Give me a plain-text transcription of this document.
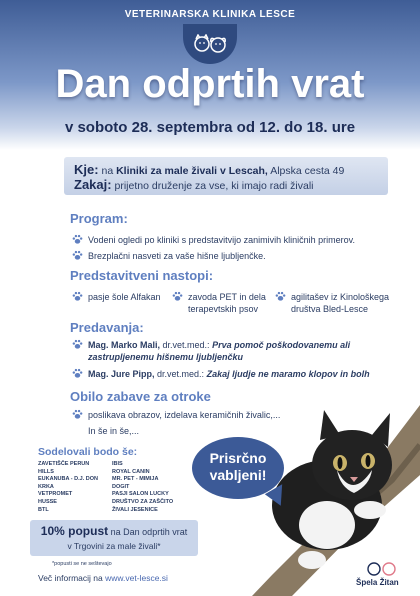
VETERINARSKA KLINIKA LESCE
Dan odprtih vrat
v soboto 28. septembra od 12. do 18. ure
Kje: na Kliniki za male živali v Lescah, Alpska cesta 49
Zakaj: prijetno druženje za vse, ki imajo radi živali
Program:
Vodeni ogledi po kliniki s predstavitvijo zanimivih kliničnih primerov.
Brezplačni nasveti za vaše hišne ljubljenčke.
Predstavitveni nastopi:
pasje šole Alfakan	zavoda PET in dela terapevtskih psov
agilitašev iz Kinološkega društva Bled-Lesce
Predavanja:
Mag. Marko Mali, dr.vet.med.: Prva pomoč poškodovanemu ali zastrupljenemu hišnemu ljubljenčku
Mag. Jure Pipp, dr.vet.med.: Zakaj ljudje ne maramo klopov in bolh
Obilo zabave za otroke
poslikava obrazov, izdelava keramičnih živalic,...
In še in še,...
Sodelovali bodo še:
ZAVETIŠČE PERUN
HILLS
EUKANUBA - D.J. DON
KRKA
VETPROMET
HUSSE
BTL
IBIS
ROYAL CANIN
MR. PET - MIMIJA
DOGIT
PASJI SALON LUCKY
DRUŠTVO ZA ZAŠČITO
ŽIVALI JESENICE
10% popust na Dan odprtih vrat
v Trgovini za male živali*
*popusti se ne seštevajo
Več informacij na www.vet-lesce.si
Prisrčno
vabljeni!
Špela Žitan
